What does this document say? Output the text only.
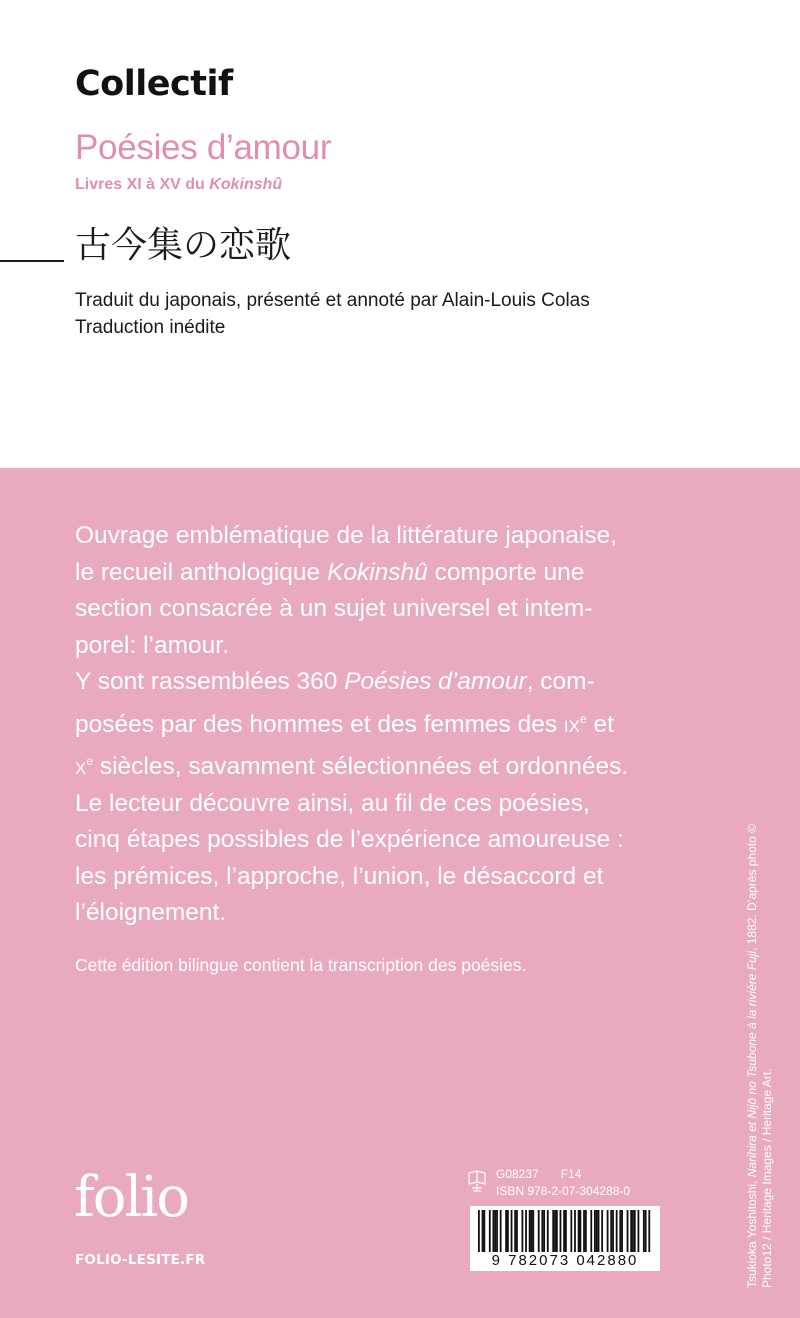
Collectif
Poésies d’amour
Livres XI à XV du Kokinshû
古今集の恋歌
Traduit du japonais, présenté et annoté par Alain-Louis Colas
Traduction inédite

Ouvrage emblématique de la littérature japonaise,

le recueil anthologique Kokinshû comporte une

section consacrée à un sujet universel et intem-

porel: l’amour.

Y sont rassemblées 360 Poésies d’amour, com-

posées par des hommes et des femmes des $ix^e$ et

$x^e$ siècles, savamment sélectionnées et ordonnées.

Le lecteur découvre ainsi, au fil de ces poésies,

cinq étapes possibles de l’expérience amoureuse :

les prémices, l’approche, l’union, le désaccord et

l’éloignement.

Cette édition bilingue contient la transcription des poésies.

Tsukioka Yoshitoshi, Narihira et Nijō no Tsubone à la rivière Fuji, 1882. D’après photo ©
Photo12 / Heritage Images / Heritage Art.
folio
FOLIO-LESITE.FR
G08237 F14
ISBN 978-2-07-304288-0
9 782073 042880
